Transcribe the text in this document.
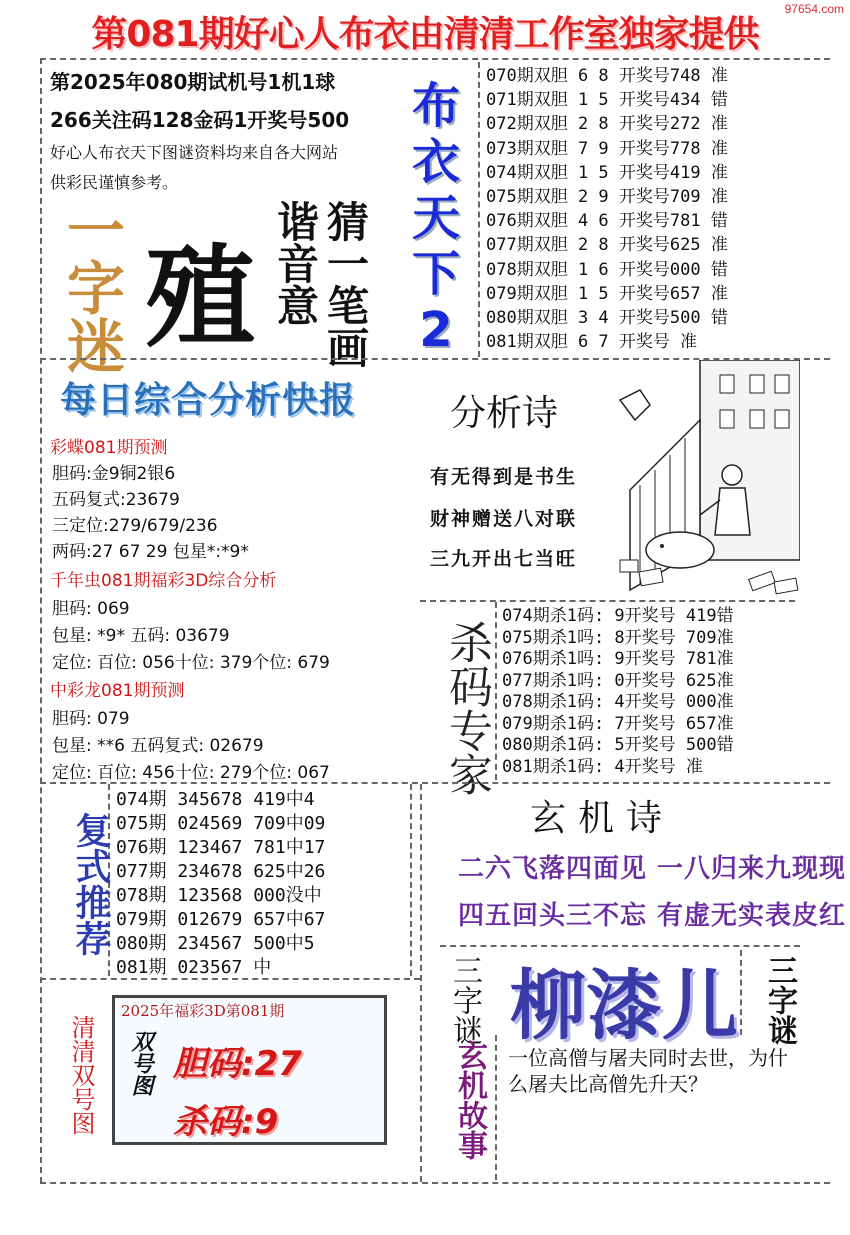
97654.com
第081期好心人布衣由清清工作室独家提供
第2025年080期试机号1机1球
266关注码128金码1开奖号500
好心人布衣天下图谜资料均来自各大网站
供彩民谨慎参考。
布
衣
天
下
2
070期双胆 6 8 开奖号748 准
071期双胆 1 5 开奖号434 错
072期双胆 2 8 开奖号272 准
073期双胆 7 9 开奖号778 准
074期双胆 1 5 开奖号419 准
075期双胆 2 9 开奖号709 准
076期双胆 4 6 开奖号781 错
077期双胆 2 8 开奖号625 准
078期双胆 1 6 开奖号000 错
079期双胆 1 5 开奖号657 准
080期双胆 3 4 开奖号500 错
081期双胆 6 7 开奖号 准
一字迷 殖 猜一笔画
谐音意
每日综合分析快报
彩蝶081期预测
胆码:金9铜2银6
五码复式:23679
三定位:279/679/236
两码:27 67 29 包星*:*9*
千年虫081期福彩3D综合分析
胆码: 069
包星: *9* 五码: 03679
定位: 百位: 056十位: 379个位: 679
中彩龙081期预测
胆码: 079
包星: **6 五码复式: 02679
定位: 百位: 456十位: 279个位: 067
分析诗
有无得到是书生
财神赠送八对联
三九开出七当旺
杀码专家
074期杀1码: 9开奖号 419错
075期杀1吗: 8开奖号 709准
076期杀1吗: 9开奖号 781准
077期杀1吗: 0开奖号 625准
078期杀1码: 4开奖号 000准
079期杀1码: 7开奖号 657准
080期杀1码: 5开奖号 500错
081期杀1码: 4开奖号 准
玄机诗
二六飞落四面见 一八归来九现现
四五回头三不忘 有虚无实表皮红
复式推荐
074期 345678 419中4
075期 024569 709中09
076期 123467 781中17
077期 234678 625中26
078期 123568 000没中
079期 012679 657中67
080期 234567 500中5
081期 023567 中	三字谜 柳漆儿 三字谜
玄机故事 一位高僧与屠夫同时去世，为什么屠夫比高僧先升天？
清清双号图
2025年福彩3D第081期
双号图 胆码:27
杀码:9
